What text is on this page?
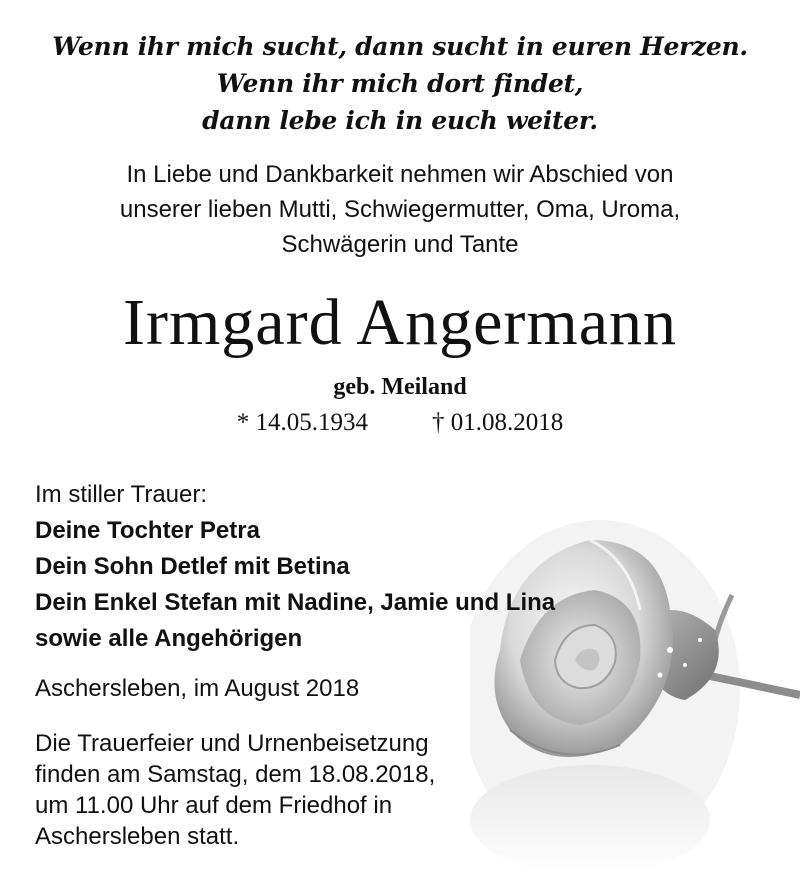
Wenn ihr mich sucht, dann sucht in euren Herzen.
Wenn ihr mich dort findet,
dann lebe ich in euch weiter.
In Liebe und Dankbarkeit nehmen wir Abschied von
unserer lieben Mutti, Schwiegermutter, Oma, Uroma,
Schwägerin und Tante
Irmgard Angermann
geb. Meiland
* 14.05.1934	† 01.08.2018
Im stiller Trauer:
Deine Tochter Petra
Dein Sohn Detlef mit Betina
Dein Enkel Stefan mit Nadine, Jamie und Lina
sowie alle Angehörigen
Aschersleben, im August 2018
Die Trauerfeier und Urnenbeisetzung
finden am Samstag, dem 18.08.2018,
um 11.00 Uhr auf dem Friedhof in
Aschersleben statt.
